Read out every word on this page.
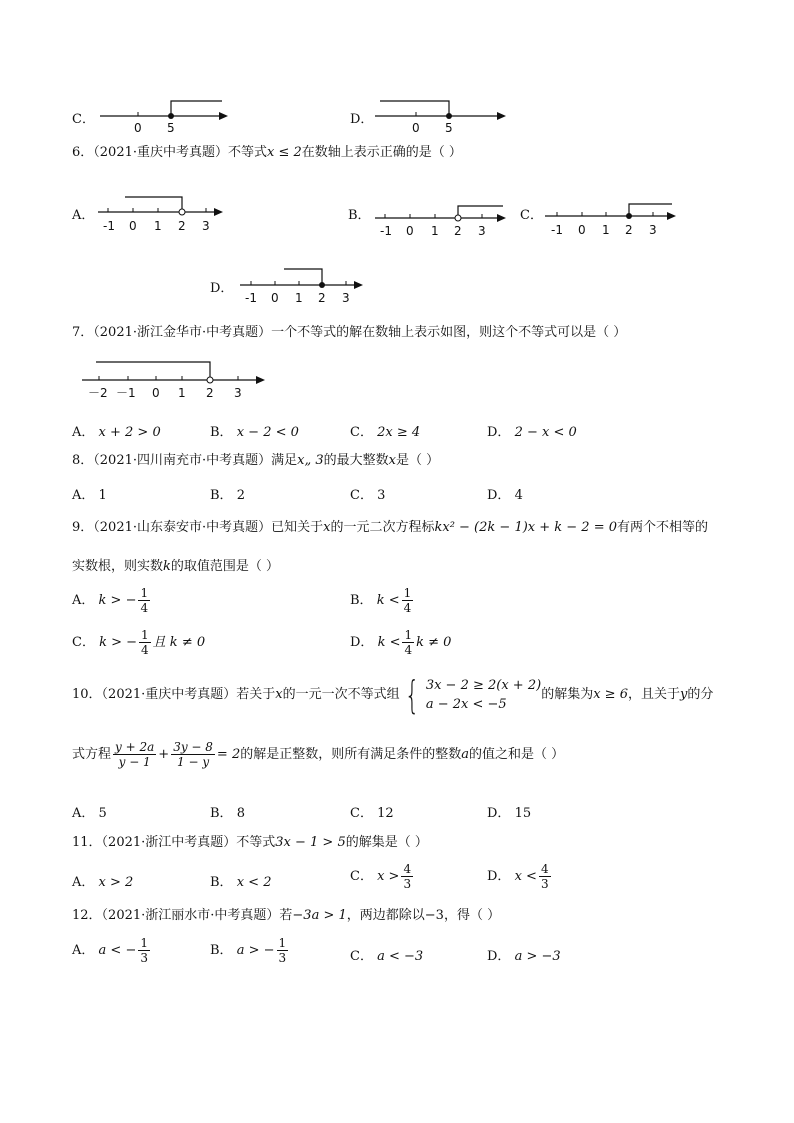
C．
0 5
D．
0 5
6．（2021·重庆中考真题）不等式x ≤ 2在数轴上表示正确的是（ ）
A．
-1 0 1 2 3
B．
-1 0 1 2 3
C．
-1 0 1 2 3
D．
-1 0 1 2 3
7．（2021·浙江金华市·中考真题）一个不等式的解在数轴上表示如图，则这个不等式可以是（ ）
－2 －1 0 1 2 3
A． x + 2 > 0	B． x − 2 < 0	C． 2x ≥ 4	D． 2 − x < 0
8．（2021·四川南充市·中考真题）满足x„ 3的最大整数x是（ ）
A． 1	B． 2	C． 3	D． 4
9．（2021·山东泰安市·中考真题）已知关于x的一元二次方程标kx² − (2k − 1)x + k − 2 = 0有两个不相等的
实数根，则实数k的取值范围是（ ）
A． k > − $\frac{1}{4}$	B． $k < \frac{1}{4}$
C． k > − $\frac{1}{4}$ 且 k ≠ 0	D． $k < \frac{1}{4}$ k ≠ 0
10．（2021·重庆中考真题）若关于 x 的一元一次不等式组 { 3x − 2 ≥ 2(x + 2)
a − 2x < −5
的解集为 x ≥ 6 ，且关于 y 的分
式方程 $\frac{y + 2a}{y - 1} + \frac{3y - 8}{1 - y} = 2$ 的解是正整数，则所有满足条件的整数 a 的值之和是（ ）
A． 5	B． 8	C． 12	D． 15
11．（2021·浙江中考真题）不等式3x − 1 > 5的解集是（ ）
A． x > 2	B． x < 2	C． $x > \frac{4}{3}$	D． $x < \frac{4}{3}$
12．（2021·浙江丽水市·中考真题）若−3a > 1，两边都除以−3，得（ ）
A． a < − $\frac{1}{3}$	B． a > − $\frac{1}{3}$	C． a < −3	D． a > −3
